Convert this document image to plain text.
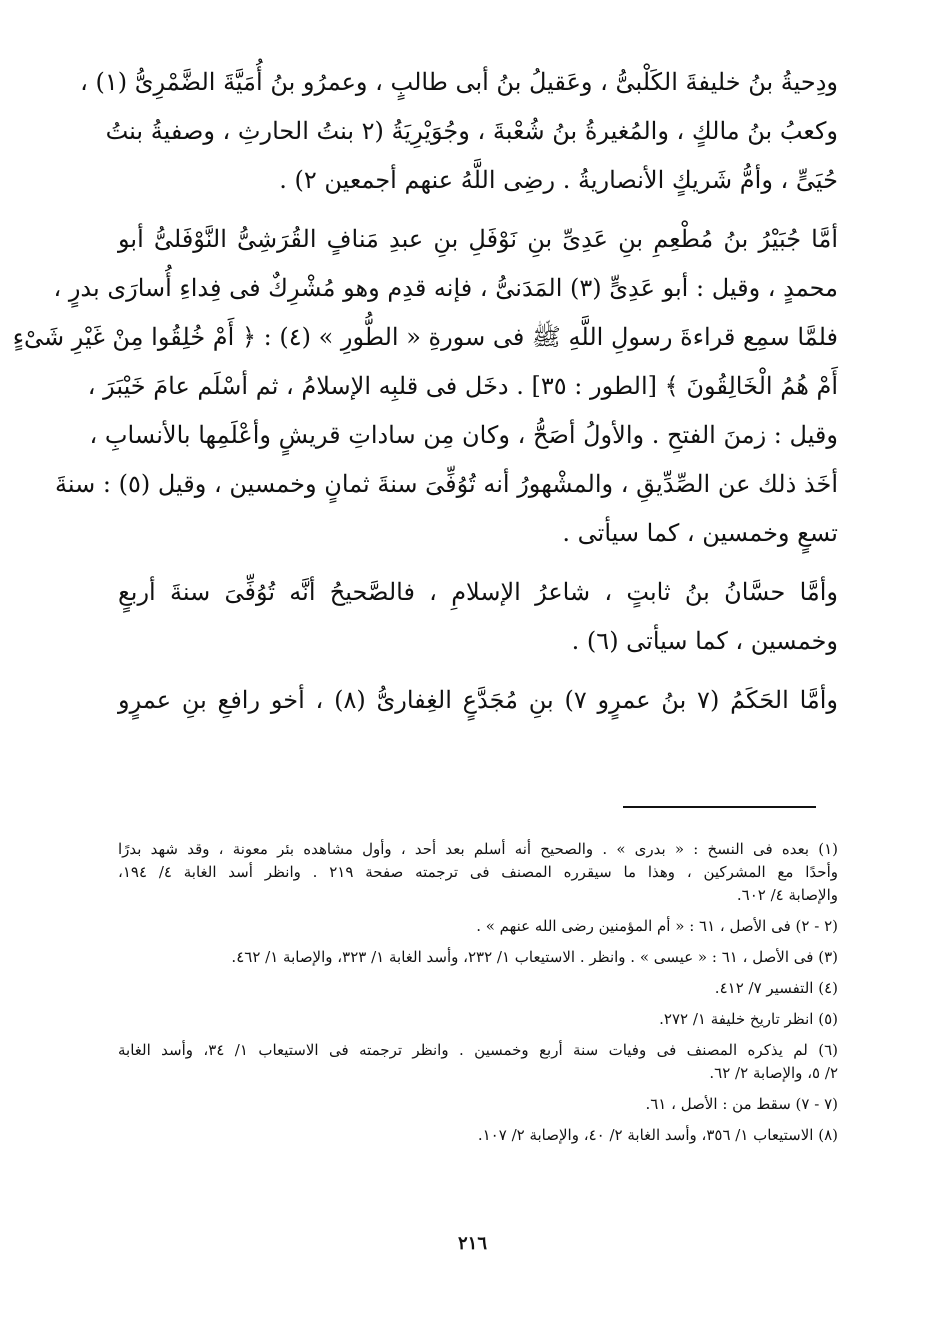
ودِحيةُ بنُ خليفةَ الكَلْبىُّ ، وعَقيلُ بنُ أبى طالبٍ ، وعمرُو بنُ أُمَيَّةَ الضَّمْرِىُّ (١) ،
وكعبُ بنُ مالكٍ ، والمُغيرةُ بنُ شُعْبةَ ، وجُوَيْرِيَةُ (٢ بنتُ الحارثِ ، وصفيةُ بنتُ
حُيَىٍّ ، وأمُّ شَريكٍ الأنصاريةُ . رضِى اللَّهُ عنهم أجمعين ٢) .
أمَّا جُبَيْرُ بنُ مُطْعِمِ بنِ عَدِىِّ بنِ نَوْفَلِ بنِ عبدِ مَنافٍ القُرَشِىُّ النَّوْفَلىُّ أبو
محمدٍ ، وقيل : أبو عَدِىٍّ (٣) المَدَنىُّ ، فإنه قدِم وهو مُشْرِكٌ فى فِداءِ أُسارَى بدرٍ ،
فلمَّا سمِع قراءةَ رسولِ اللَّهِ ﷺ فى سورةِ « الطُّورِ » (٤) : ﴿ أَمْ خُلِقُوا مِنْ غَيْرِ شَىْءٍ
أَمْ هُمُ الْخَالِقُونَ ﴾ [الطور : ٣٥] . دخَل فى قلبِه الإسلامُ ، ثم أسْلَم عامَ خَيْبَرَ ،
وقيل : زمنَ الفتحِ . والأولُ أصَحُّ ، وكان مِن ساداتِ قريشٍ وأعْلَمِها بالأنسابِ ،
أخَذ ذلك عن الصِّدِّيقِ ، والمشْهورُ أنه تُوُفِّىَ سنةَ ثمانٍ وخمسين ، وقيل (٥) : سنةَ
تسعٍ وخمسين ، كما سيأتى .
وأمَّا حسَّانُ بنُ ثابتٍ ، شاعرُ الإسلامِ ، فالصَّحيحُ أنَّه تُوُفِّىَ سنةَ أربعٍ
وخمسين ، كما سيأتى (٦) .
وأمَّا الحَكَمُ (٧ بنُ عمرٍو ٧) بنِ مُجَدَّعٍ الغِفارىُّ (٨) ، أخو رافعِ بنِ عمرٍو
(١) بعده فى النسخ : « بدرى » . والصحيح أنه أسلم بعد أحد ، وأول مشاهده بئر معونة ، وقد شهد بدرًا
وأحدًا مع المشركين ، وهذا ما سيقرره المصنف فى ترجمته صفحة ٢١٩ . وانظر أسد الغابة ٤/ ١٩٤،
والإصابة ٤/ ٦٠٢.
(٢ - ٢) فى الأصل ، ٦١ : « أم المؤمنين رضى الله عنهم » .
(٣) فى الأصل ، ٦١ : « عيسى » . وانظر . الاستيعاب ١/ ٢٣٢، وأسد الغابة ١/ ٣٢٣، والإصابة ١/ ٤٦٢.
(٤) التفسير ٧/ ٤١٢.
(٥) انظر تاريخ خليفة ١/ ٢٧٢.
(٦) لم يذكره المصنف فى وفيات سنة أربع وخمسين . وانظر ترجمته فى الاستيعاب ١/ ٣٤، وأسد الغابة
٢/ ٥، والإصابة ٢/ ٦٢.
(٧ - ٧) سقط من : الأصل ، ٦١.
(٨) الاستيعاب ١/ ٣٥٦، وأسد الغابة ٢/ ٤٠، والإصابة ٢/ ١٠٧.
٢١٦
